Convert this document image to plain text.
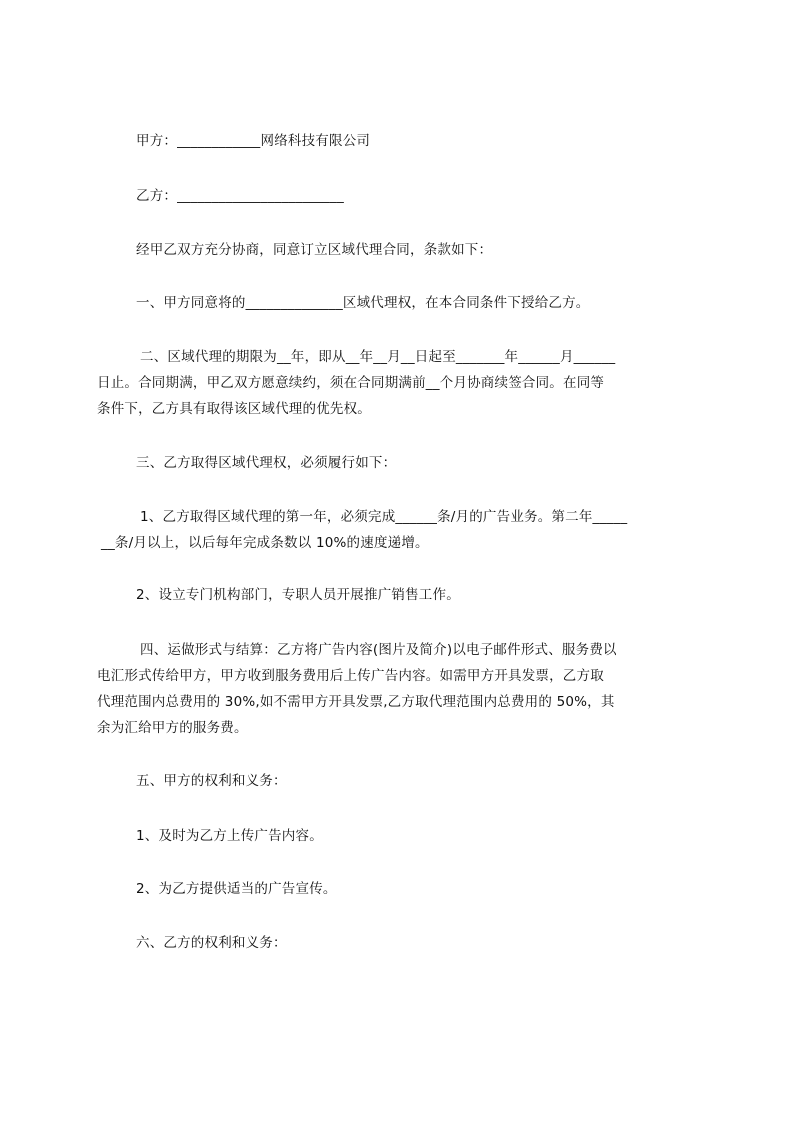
甲方：____________网络科技有限公司
乙方：________________________
经甲乙双方充分协商，同意订立区域代理合同，条款如下：
一、甲方同意将的______________区域代理权，在本合同条件下授给乙方。
二、区域代理的期限为__年，即从__年__月__日起至_______年______月______
日止。合同期满，甲乙双方愿意续约，须在合同期满前__个月协商续签合同。在同等
条件下，乙方具有取得该区域代理的优先权。
三、乙方取得区域代理权，必须履行如下：
1、乙方取得区域代理的第一年，必须完成______条/月的广告业务。第二年_____
__条/月以上，以后每年完成条数以 10%的速度递增。
2、设立专门机构部门，专职人员开展推广销售工作。
四、运做形式与结算：乙方将广告内容(图片及简介)以电子邮件形式、服务费以
电汇形式传给甲方，甲方收到服务费用后上传广告内容。如需甲方开具发票，乙方取
代理范围内总费用的 30%,如不需甲方开具发票,乙方取代理范围内总费用的 50%，其
余为汇给甲方的服务费。
五、甲方的权利和义务：
1、及时为乙方上传广告内容。
2、为乙方提供适当的广告宣传。
六、乙方的权利和义务：
